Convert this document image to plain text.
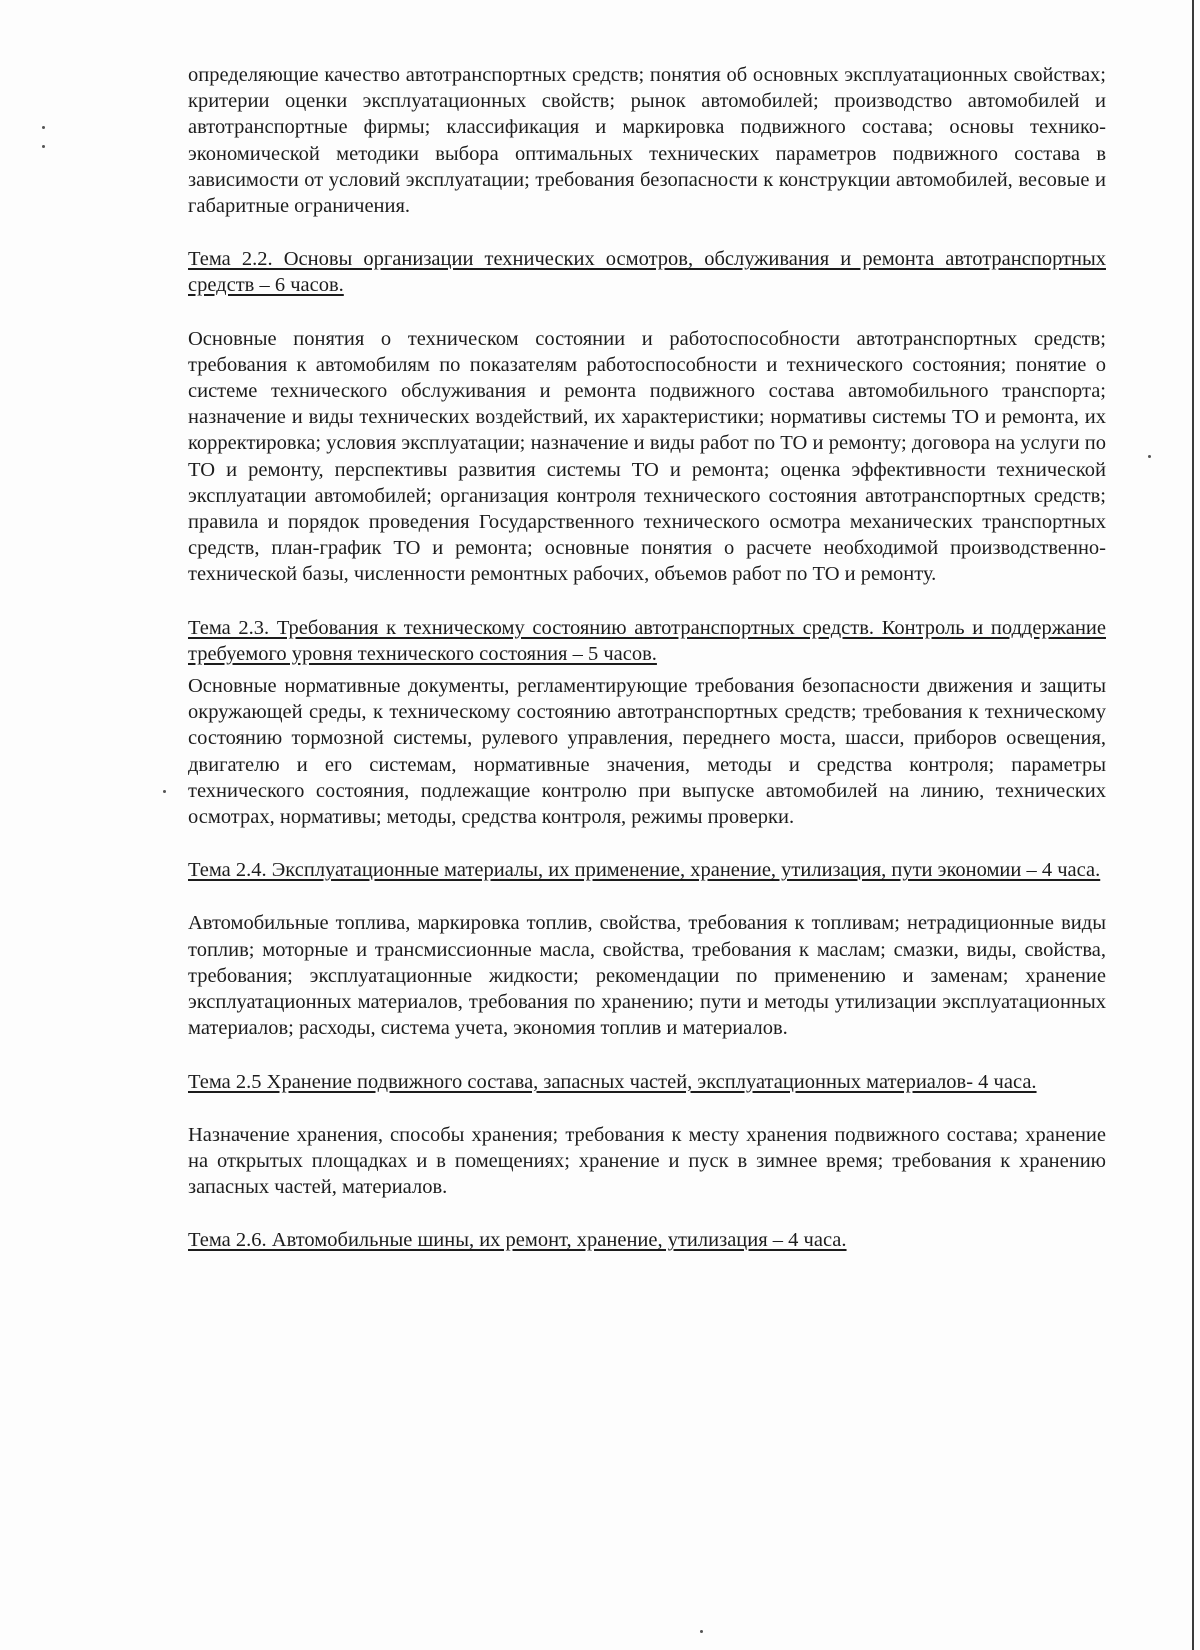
определяющие качество автотранспортных средств; понятия об основных эксплуатационных свойствах; критерии оценки эксплуатационных свойств; рынок автомобилей; производство автомобилей и автотранспортные фирмы; классификация и маркировка подвижного состава; основы технико-экономической методики выбора оптимальных технических параметров подвижного состава в зависимости от условий эксплуатации; требования безопасности к конструкции автомобилей, весовые и габаритные ограничения.

Тема 2.2. Основы организации технических осмотров, обслуживания и ремонта автотранспортных средств – 6 часов.

Основные понятия о техническом состоянии и работоспособности автотранспортных средств; требования к автомобилям по показателям работоспособности и технического состояния; понятие о системе технического обслуживания и ремонта подвижного состава автомобильного транспорта; назначение и виды технических воздействий, их характеристики; нормативы системы ТО и ремонта, их корректировка; условия эксплуатации; назначение и виды работ по ТО и ремонту; договора на услуги по ТО и ремонту, перспективы развития системы ТО и ремонта; оценка эффективности технической эксплуатации автомобилей; организация контроля технического состояния автотранспортных средств; правила и порядок проведения Государственного технического осмотра механических транспортных средств, план-график ТО и ремонта; основные понятия о расчете необходимой производственно-технической базы, численности ремонтных рабочих, объемов работ по ТО и ремонту.

Тема 2.3. Требования к техническому состоянию автотранспортных средств. Контроль и поддержание требуемого уровня технического состояния – 5 часов.

Основные нормативные документы, регламентирующие требования безопасности движения и защиты окружающей среды, к техническому состоянию автотранспортных средств; требования к техническому состоянию тормозной системы, рулевого управления, переднего моста, шасси, приборов освещения, двигателю и его системам, нормативные значения, методы и средства контроля; параметры технического состояния, подлежащие контролю при выпуске автомобилей на линию, технических осмотрах, нормативы; методы, средства контроля, режимы проверки.

Тема 2.4. Эксплуатационные материалы, их применение, хранение, утилизация, пути экономии – 4 часа.

Автомобильные топлива, маркировка топлив, свойства, требования к топливам; нетрадиционные виды топлив; моторные и трансмиссионные масла, свойства, требования к маслам; смазки, виды, свойства, требования; эксплуатационные жидкости; рекомендации по применению и заменам; хранение эксплуатационных материалов, требования по хранению; пути и методы утилизации эксплуатационных материалов; расходы, система учета, экономия топлив и материалов.

Тема 2.5 Хранение подвижного состава, запасных частей, эксплуатационных материалов- 4 часа.

Назначение хранения, способы хранения; требования к месту хранения подвижного состава; хранение на открытых площадках и в помещениях; хранение и пуск в зимнее время; требования к хранению запасных частей, материалов.

Тема 2.6. Автомобильные шины, их ремонт, хранение, утилизация – 4 часа.
